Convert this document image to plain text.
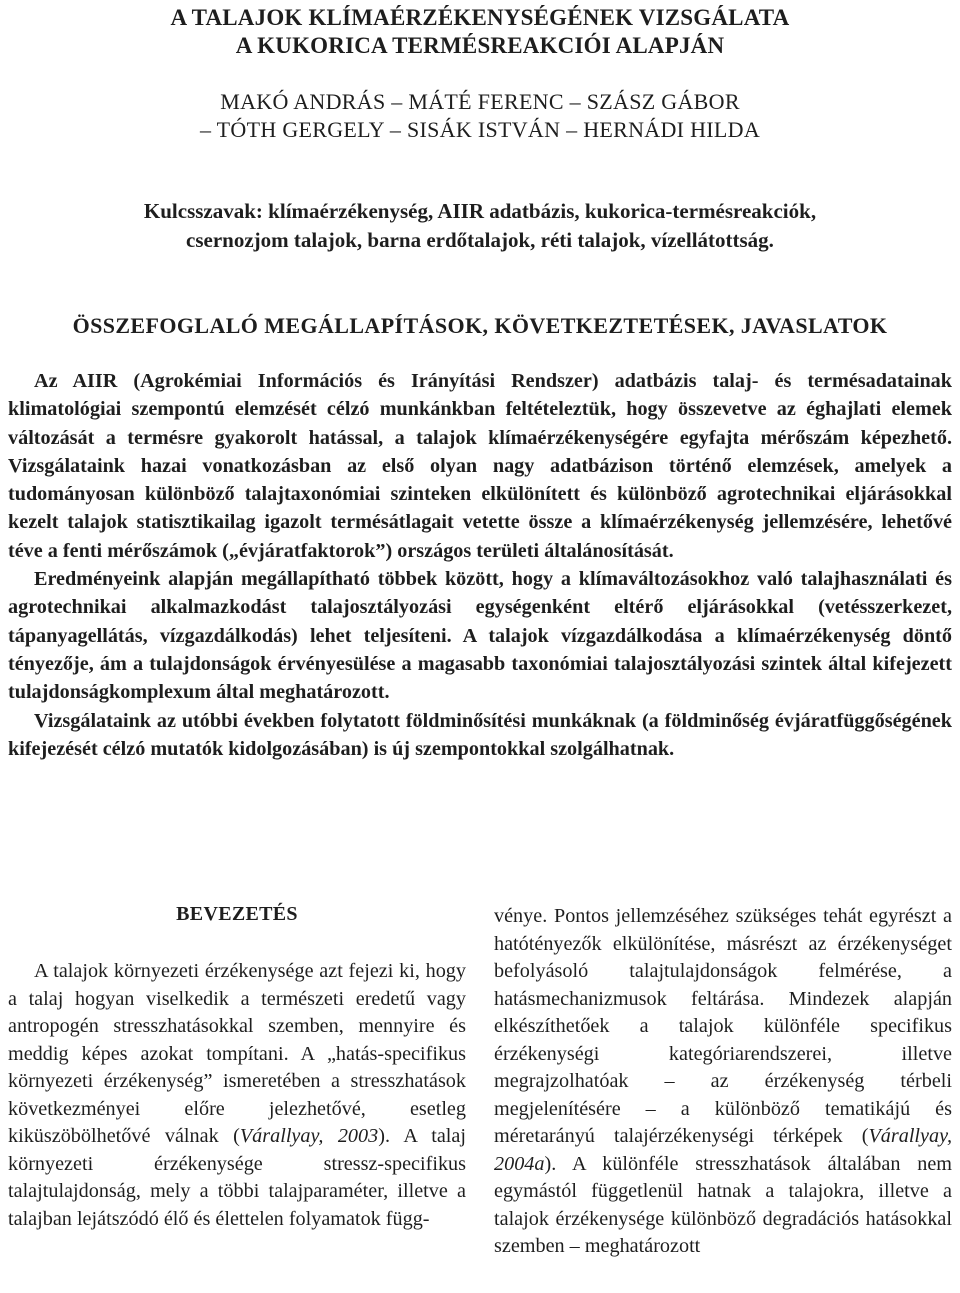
A TALAJOK KLÍMAÉRZÉKENYSÉGÉNEK VIZSGÁLATA
A KUKORICA TERMÉSREAKCIÓI ALAPJÁN
MAKÓ ANDRÁS – MÁTÉ FERENC – SZÁSZ GÁBOR
– TÓTH GERGELY – SISÁK ISTVÁN – HERNÁDI HILDA
Kulcsszavak: klímaérzékenység, AIIR adatbázis, kukorica-termésreakciók,
csernozjom talajok, barna erdőtalajok, réti talajok, vízellátottság.
ÖSSZEFOGLALÓ MEGÁLLAPÍTÁSOK, KÖVETKEZTETÉSEK, JAVASLATOK

Az AIIR (Agrokémiai Információs és Irányítási Rendszer) adatbázis talaj- és termésadatainak klimatológiai szempontú elemzését célzó munkánkban feltételeztük, hogy összevetve az éghajlati elemek változását a termésre gyakorolt hatással, a talajok klímaérzékenységére egyfajta mérőszám képezhető. Vizsgálataink hazai vonatkozásban az első olyan nagy adatbázison történő elemzések, amelyek a tudományosan különböző talajtaxonómiai szinteken elkülönített és különböző agrotechnikai eljárásokkal kezelt talajok statisztikailag igazolt termésátlagait vetette össze a klímaérzékenység jellemzésére, lehetővé téve a fenti mérőszámok („évjáratfaktorok”) országos területi általánosítását.

Eredményeink alapján megállapítható többek között, hogy a klímaváltozásokhoz való talajhasználati és agrotechnikai alkalmazkodást talajosztályozási egységenként eltérő eljárásokkal (vetésszerkezet, tápanyagellátás, vízgazdálkodás) lehet teljesíteni. A talajok vízgazdálkodása a klímaérzékenység döntő tényezője, ám a tulajdonságok érvényesülése a magasabb taxonómiai talajosztályozási szintek által kifejezett tulajdonságkomplexum által meghatározott.

Vizsgálataink az utóbbi években folytatott földminősítési munkáknak (a földminőség évjáratfüggőségének kifejezését célzó mutatók kidolgozásában) is új szempontokkal szolgálhatnak.

BEVEZETÉS

A talajok környezeti érzékenysége azt fejezi ki, hogy a talaj hogyan viselkedik a természeti eredetű vagy antropogén stresszhatásokkal szemben, mennyire és meddig képes azokat tompítani. A „hatás-specifikus környezeti érzékenység” ismeretében a stresszhatások következményei előre jelezhetővé, esetleg kiküszöbölhetővé válnak (Várallyay, 2003). A talaj környezeti érzékenysége stressz-specifikus talajtulajdonság, mely a többi talajparaméter, illetve a talajban lejátszódó élő és élettelen folyamatok függ-

vénye. Pontos jellemzéséhez szükséges tehát egyrészt a hatótényezők elkülönítése, másrészt az érzékenységet befolyásoló talajtulajdonságok felmérése, a hatásmechanizmusok feltárása. Mindezek alapján elkészíthetőek a talajok különféle specifikus érzékenységi kategóriarendszerei, illetve megrajzolhatóak – az érzékenység térbeli megjelenítésére – a különböző tematikájú és méretarányú talajérzékenységi térképek (Várallyay, 2004a). A különféle stresszhatások általában nem egymástól függetlenül hatnak a talajokra, illetve a talajok érzékenysége különböző degradációs hatásokkal szemben – meghatározott
